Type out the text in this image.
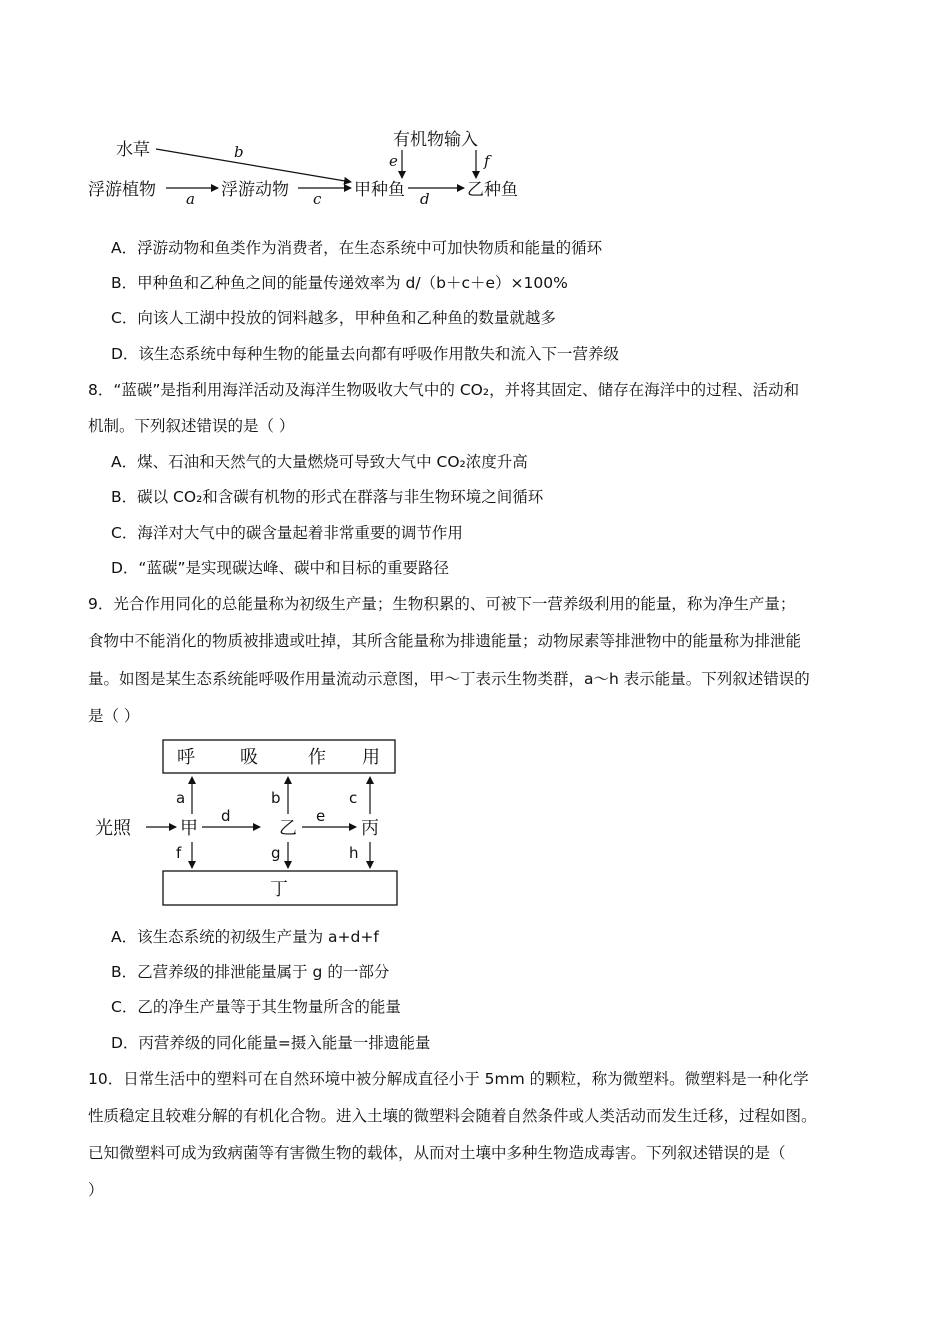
水草
浮游植物	浮游动物	甲种鱼	乙种鱼
有机物输入
b
a	c	d
e	f
A．浮游动物和鱼类作为消费者，在生态系统中可加快物质和能量的循环
B．甲种鱼和乙种鱼之间的能量传递效率为 d/（b＋c＋e）×100%
C．向该人工湖中投放的饲料越多，甲种鱼和乙种鱼的数量就越多
D．该生态系统中每种生物的能量去向都有呼吸作用散失和流入下一营养级
8．“蓝碳”是指利用海洋活动及海洋生物吸收大气中的 CO₂，并将其固定、储存在海洋中的过程、活动和
机制。下列叙述错误的是（ ）
A．煤、石油和天然气的大量燃烧可导致大气中 CO₂浓度升高
B．碳以 CO₂和含碳有机物的形式在群落与非生物环境之间循环
C．海洋对大气中的碳含量起着非常重要的调节作用
D．“蓝碳”是实现碳达峰、碳中和目标的重要路径
9．光合作用同化的总能量称为初级生产量；生物积累的、可被下一营养级利用的能量，称为净生产量；
食物中不能消化的物质被排遗或吐掉，其所含能量称为排遗能量；动物尿素等排泄物中的能量称为排泄能
量。如图是某生态系统能呼吸作用量流动示意图，甲～丁表示生物类群，a～h 表示能量。下列叙述错误的
是（ ）
呼	吸	作 用
丁
光照	甲	乙	丙
a	b	c
d	e
f	g	h
A．该生态系统的初级生产量为 a+d+f
B．乙营养级的排泄能量属于 g 的一部分
C．乙的净生产量等于其生物量所含的能量
D．丙营养级的同化能量=摄入能量一排遗能量
10．日常生活中的塑料可在自然环境中被分解成直径小于 5mm 的颗粒，称为微塑料。微塑料是一种化学
性质稳定且较难分解的有机化合物。进入土壤的微塑料会随着自然条件或人类活动而发生迁移，过程如图。
已知微塑料可成为致病菌等有害微生物的载体，从而对土壤中多种生物造成毒害。下列叙述错误的是（
）
